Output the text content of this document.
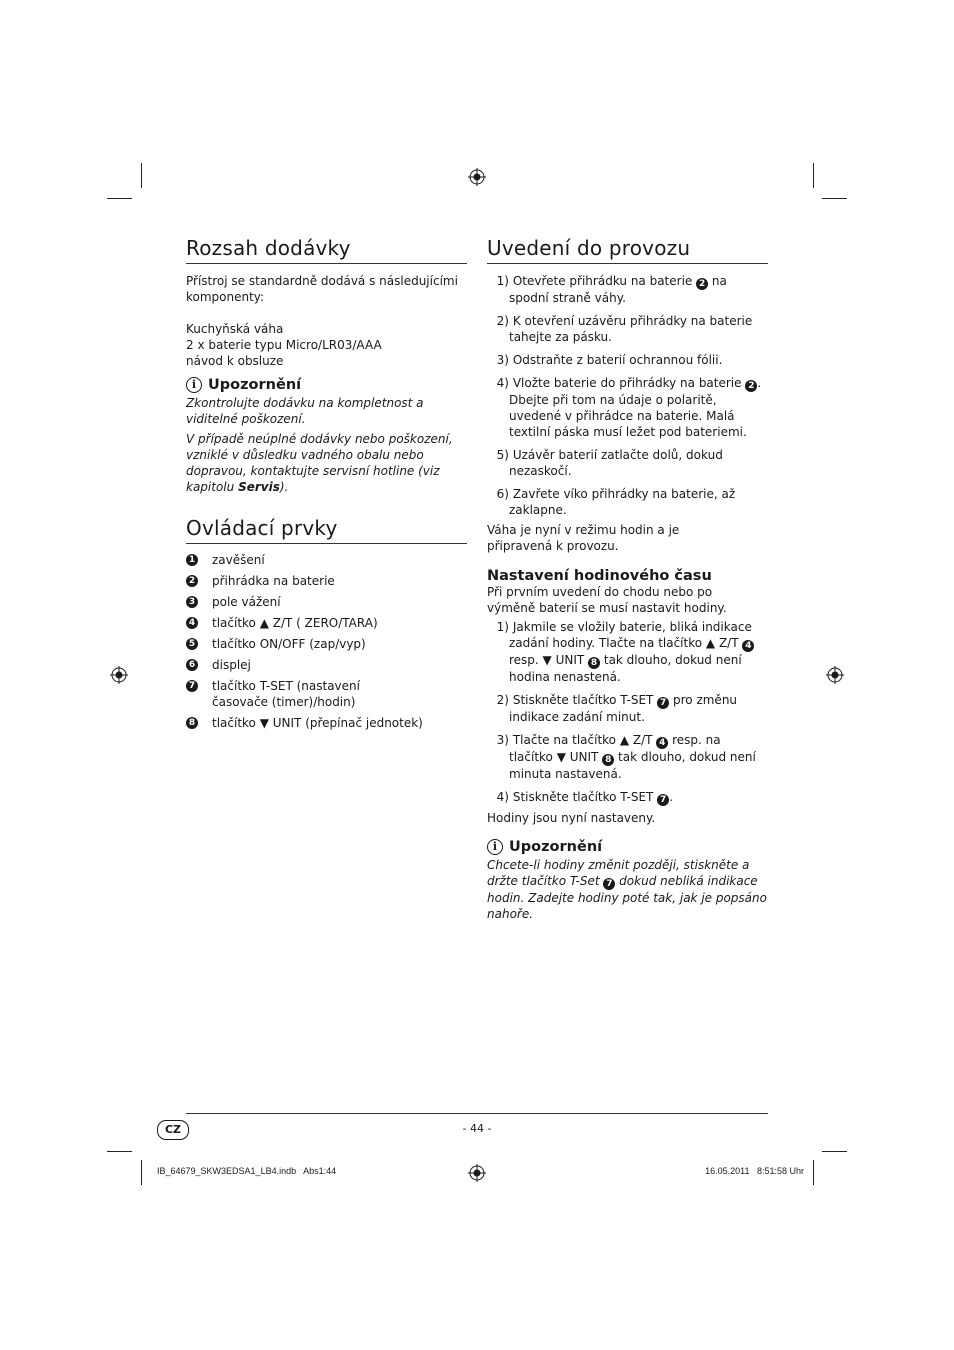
Rozsah dodávky

Přístroj se standardně dodává s následujícími komponenty:

Kuchyňská váha

2 x baterie typu Micro/LR03/AAA

návod k obsluze

i Upozornění

Zkontrolujte dodávku na kompletnost a viditelné poškození.

V případě neúplné dodávky nebo poškození, vzniklé v důsledku vadného obalu nebo dopravou, kontaktujte servisní hotline (viz kapitolu Servis).

Ovládací prvky
1 zavěšení
2 přihrádka na baterie
3 pole vážení
4 tlačítko ▲ Z/T ( ZERO/TARA)
5 tlačítko ON/OFF (zap/vyp)
6 displej
7 tlačítko T-SET (nastavení časovače (timer)/hodin)
8 tlačítko ▼ UNIT (přepínač jednotek)
Uvedení do provozu
1) Otevřete přihrádku na baterie 2 na spodní straně váhy.
2) K otevření uzávěru přihrádky na baterie tahejte za pásku.
3) Odstraňte z baterií ochrannou fólii.
4) Vložte baterie do přihrádky na baterie 2 . Dbejte při tom na údaje o polaritě, uvedené v přihrádce na baterie. Malá textilní páska musí ležet pod bateriemi.
5) Uzávěr baterií zatlačte dolů, dokud nezaskočí.
6) Zavřete víko přihrádky na baterie, až zaklapne.

Váha je nyní v režimu hodin a je připravená k provozu.

Nastavení hodinového času

Při prvním uvedení do chodu nebo po výměně baterií se musí nastavit hodiny.

1) Jakmile se vložily baterie, bliká indikace zadání hodiny. Tlačte na tlačítko ▲ Z/T 4 resp. ▼ UNIT 8 tak dlouho, dokud není hodina nenastená.
2) Stiskněte tlačítko T-SET 7 pro změnu indikace zadání minut.
3) Tlačte na tlačítko ▲ Z/T 4 resp. na tlačítko ▼ UNIT 8 tak dlouho, dokud není minuta nastavená.
4) Stiskněte tlačítko T-SET 7 .

Hodiny jsou nyní nastaveny.

i Upozornění

Chcete-li hodiny změnit později, stiskněte a držte tlačítko T-Set 7 dokud nebliká indikace hodin. Zadejte hodiny poté tak, jak je popsáno nahoře.

CZ	- 44 -
IB_64679_SKW3EDSA1_LB4.indb   Abs1:44	16.05.2011   8:51:58 Uhr
